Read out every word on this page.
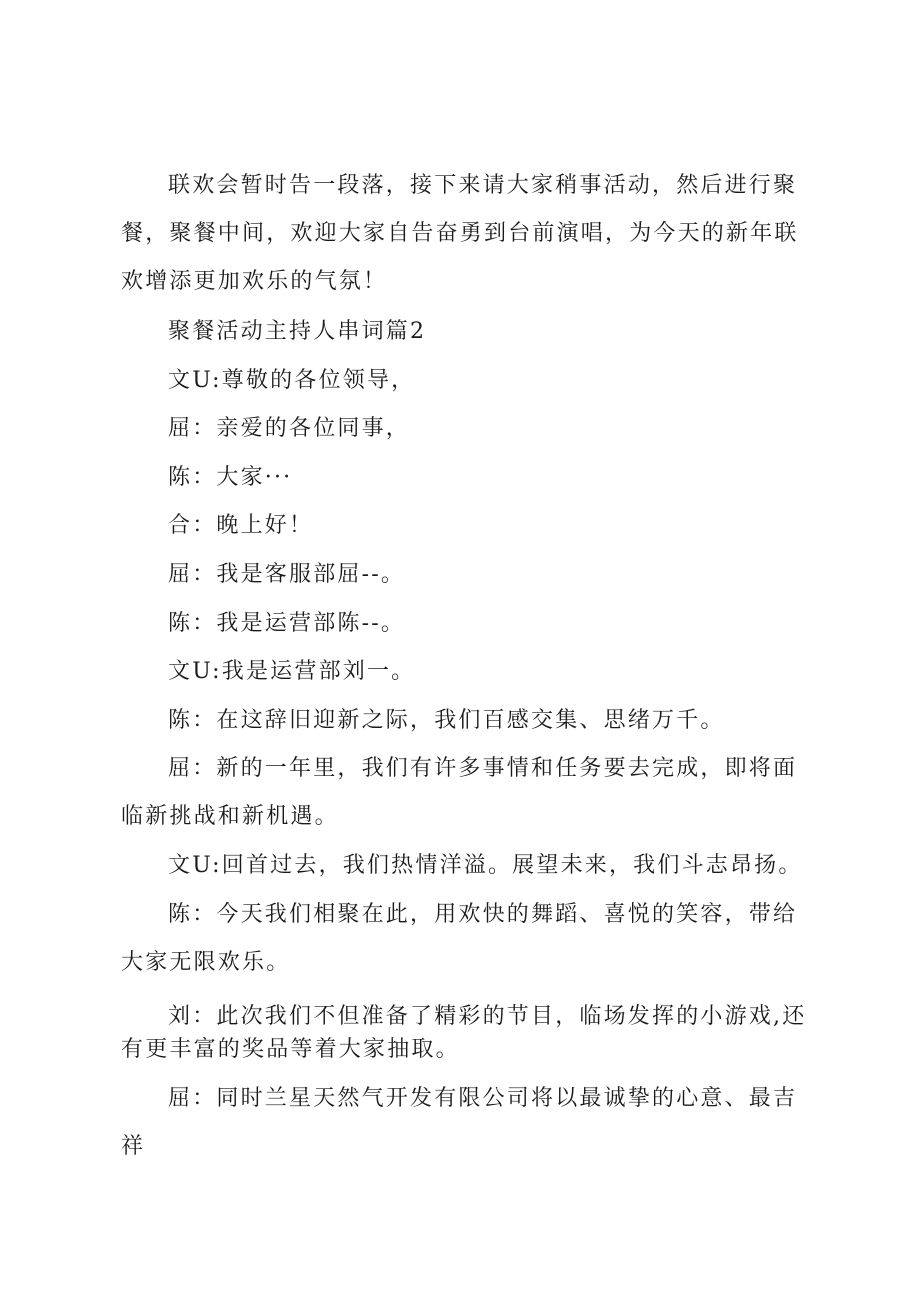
联欢会暂时告一段落，接下来请大家稍事活动，然后进行聚餐，聚餐中间，欢迎大家自告奋勇到台前演唱，为今天的新年联欢增添更加欢乐的气氛！

聚餐活动主持人串词篇2

文U:尊敬的各位领导，

屈：亲爱的各位同事，

陈：大家···

合：晚上好！

屈：我是客服部屈--。

陈：我是运营部陈--。

文U:我是运营部刘一。

陈：在这辞旧迎新之际，我们百感交集、思绪万千。

屈：新的一年里，我们有许多事情和任务要去完成，即将面临新挑战和新机遇。

文U:回首过去，我们热情洋溢。展望未来，我们斗志昂扬。

陈：今天我们相聚在此，用欢快的舞蹈、喜悦的笑容，带给大家无限欢乐。

刘：此次我们不但准备了精彩的节目，临场发挥的小游戏,还有更丰富的奖品等着大家抽取。

屈：同时兰星天然气开发有限公司将以最诚挚的心意、最吉祥
